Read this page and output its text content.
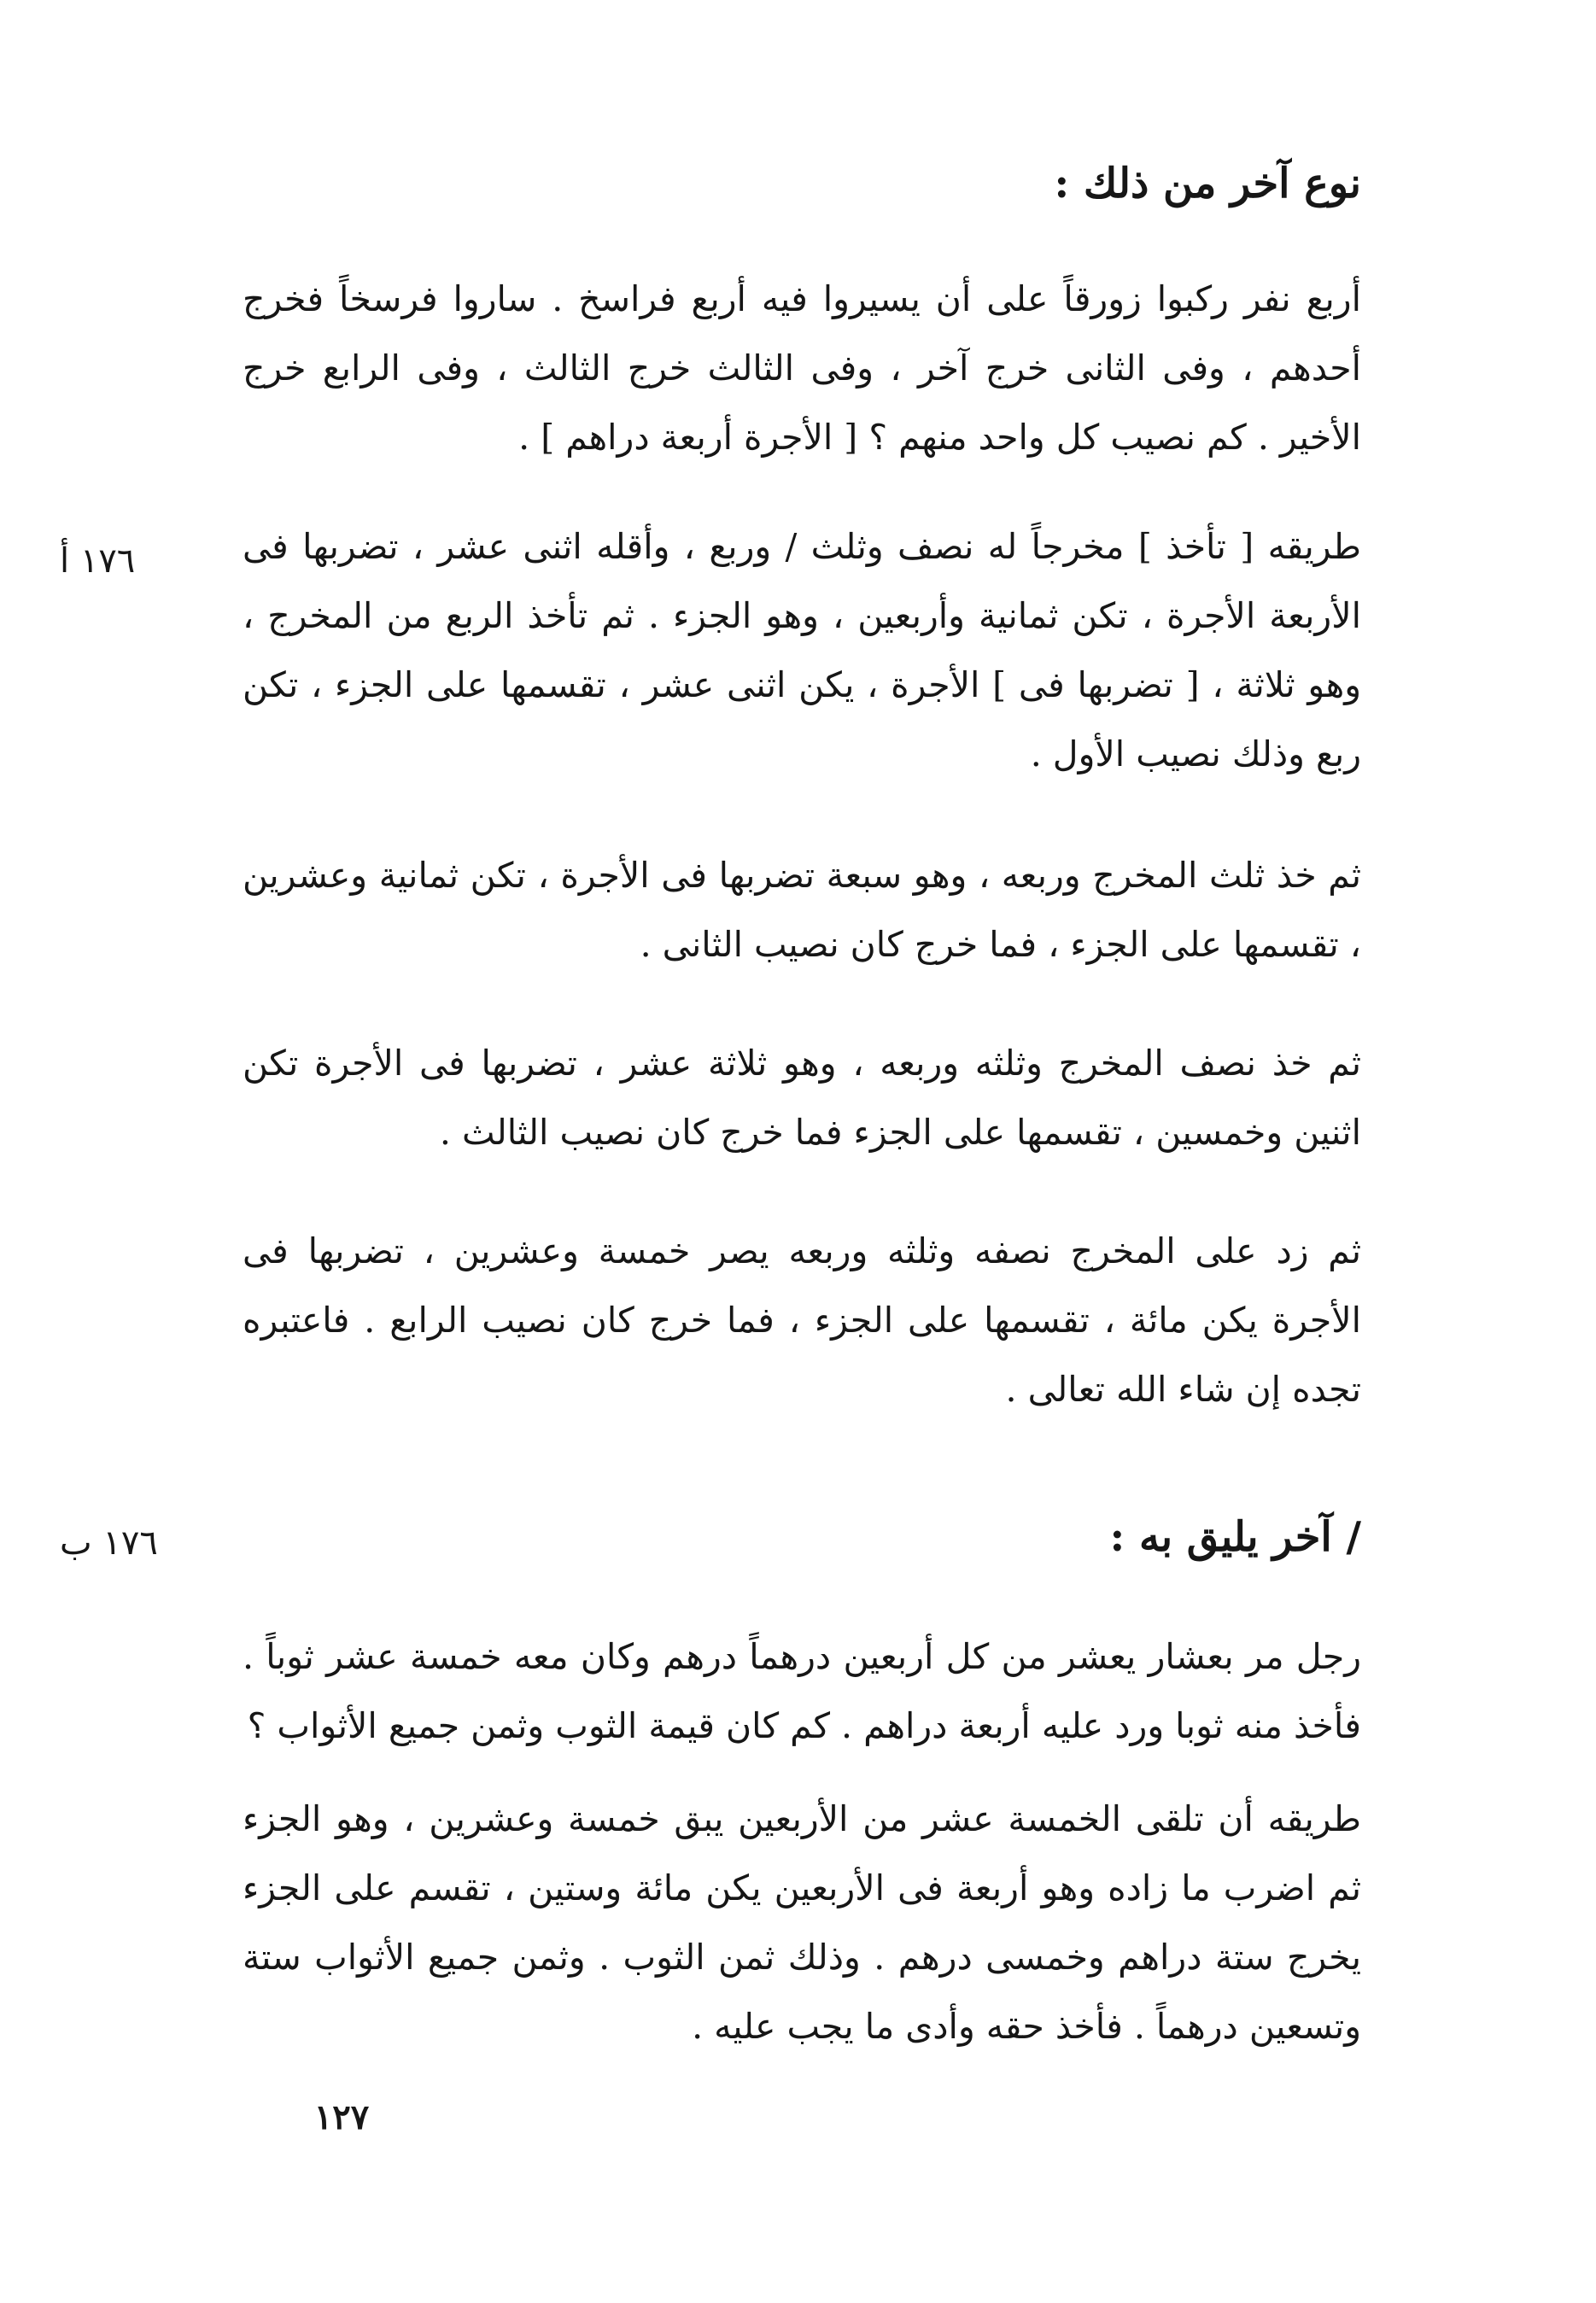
نوع آخر من ذلك :
أربع نفر ركبوا زورقاً على أن يسيروا فيه أربع فراسخ . ساروا فرسخاً فخرج أحدهم ، وفى الثانى خرج آخر ، وفى الثالث خرج الثالث ، وفى الرابع خرج الأخير . كم نصيب كل واحد منهم ؟ [ الأجرة أربعة دراهم ] .
١٧٦ أ	طريقه [ تأخذ ] مخرجاً له نصف وثلث / وربع ، وأقله اثنى عشر ، تضربها فى الأربعة الأجرة ، تكن ثمانية وأربعين ، وهو الجزء . ثم تأخذ الربع من المخرج ، وهو ثلاثة ، [ تضربها فى ] الأجرة ، يكن اثنى عشر ، تقسمها على الجزء ، تكن ربع وذلك نصيب الأول .
ثم خذ ثلث المخرج وربعه ، وهو سبعة تضربها فى الأجرة ، تكن ثمانية وعشرين ، تقسمها على الجزء ، فما خرج كان نصيب الثانى .
ثم خذ نصف المخرج وثلثه وربعه ، وهو ثلاثة عشر ، تضربها فى الأجرة تكن اثنين وخمسين ، تقسمها على الجزء فما خرج كان نصيب الثالث .
ثم زد على المخرج نصفه وثلثه وربعه يصر خمسة وعشرين ، تضربها فى الأجرة يكن مائة ، تقسمها على الجزء ، فما خرج كان نصيب الرابع . فاعتبره تجده إن شاء الله تعالى .
١٧٦ ب	/ آخر يليق به :
رجل مر بعشار يعشر من كل أربعين درهماً درهم وكان معه خمسة عشر ثوباً . فأخذ منه ثوبا ورد عليه أربعة دراهم . كم كان قيمة الثوب وثمن جميع الأثواب ؟
طريقه أن تلقى الخمسة عشر من الأربعين يبق خمسة وعشرين ، وهو الجزء ثم اضرب ما زاده وهو أربعة فى الأربعين يكن مائة وستين ، تقسم على الجزء يخرج ستة دراهم وخمسى درهم . وذلك ثمن الثوب . وثمن جميع الأثواب ستة وتسعين درهماً . فأخذ حقه وأدى ما يجب عليه .
١٢٧
